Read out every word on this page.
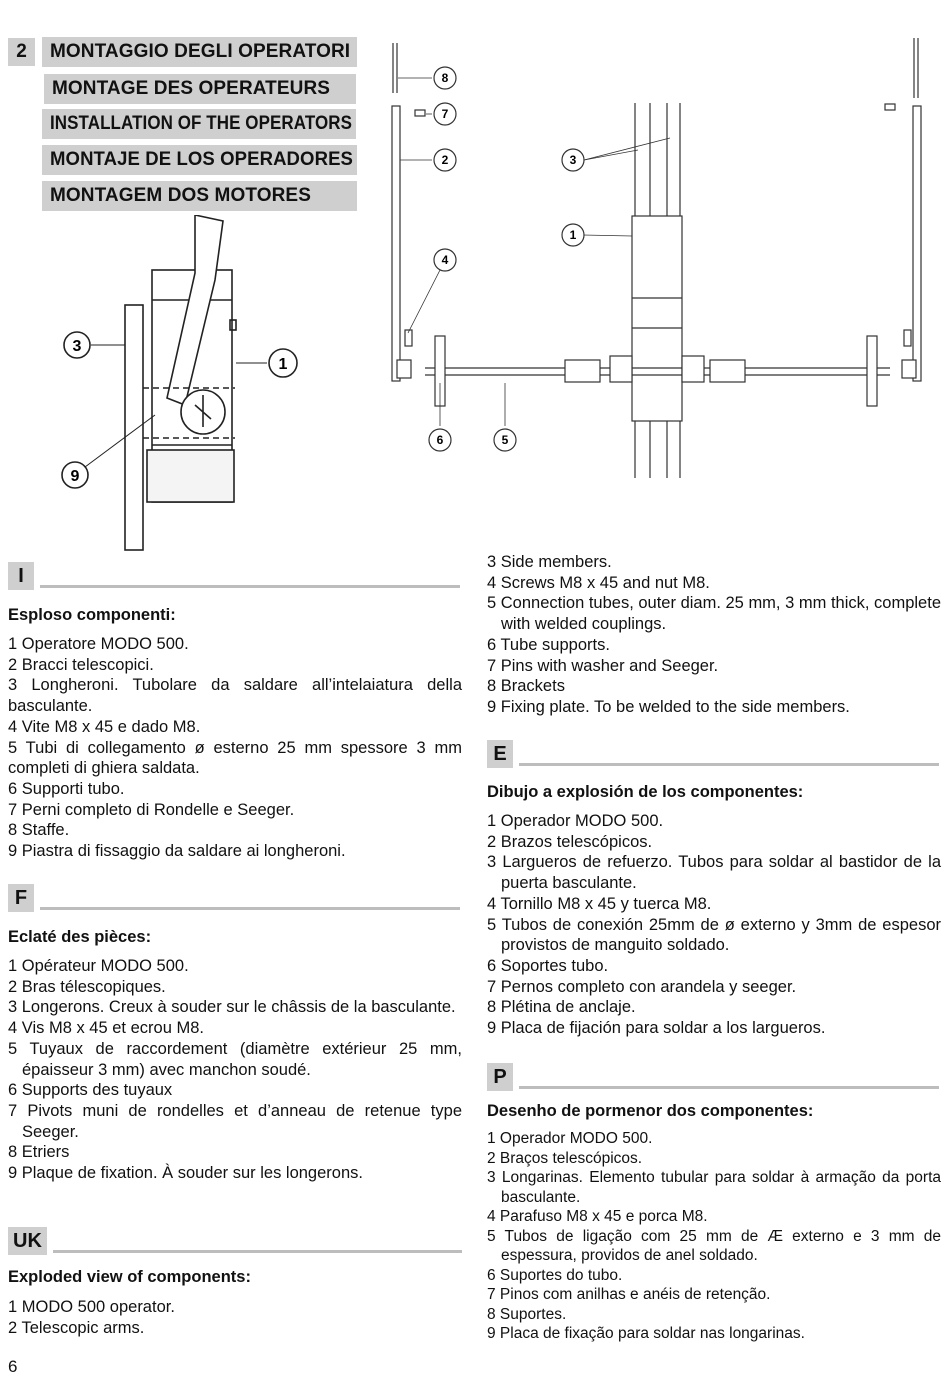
2	MONTAGGIO DEGLI OPERATORI
MONTAGE DES OPERATEURS
INSTALLATION OF THE OPERATORS
MONTAJE DE LOS OPERADORES
MONTAGEM DOS MOTORES
3
1
9
8
7
2
4
3
1
6	5
I
Esploso componenti:
1 Operatore MODO 500.
2 Bracci telescopici.
3 Longheroni. Tubolare da saldare all’intelaiatura della basculante.
4 Vite M8 x 45 e dado M8.
5 Tubi di collegamento ø esterno 25 mm spessore 3 mm completi di ghiera saldata.
6 Supporti tubo.
7 Perni completo di Rondelle e Seeger.
8 Staffe.
9 Piastra di fissaggio da saldare ai longheroni.
F
Eclaté des pièces:
1 Opérateur MODO 500.
2 Bras télescopiques.
3 Longerons. Creux à souder sur le châssis de la basculante.
4 Vis M8 x 45 et ecrou M8.
5 Tuyaux de raccordement (diamètre extérieur 25 mm, épaisseur 3 mm) avec manchon soudé.
6 Supports des tuyaux
7 Pivots muni de rondelles et d’anneau de retenue type Seeger.
8 Etriers
9 Plaque de fixation. À souder sur les longerons.
UK
Exploded view of components:
1 MODO 500 operator.
2 Telescopic arms.
3 Side members.
4 Screws M8 x 45 and nut M8.
5 Connection tubes, outer diam. 25 mm, 3 mm thick, complete with welded couplings.
6 Tube supports.
7 Pins with washer and Seeger.
8 Brackets
9 Fixing plate. To be welded to the side members.
E
Dibujo a explosión de los componentes:
1 Operador MODO 500.
2 Brazos telescópicos.
3 Largueros de refuerzo. Tubos para soldar al bastidor de la puerta basculante.
4 Tornillo M8 x 45 y tuerca M8.
5 Tubos de conexión 25mm de ø externo y 3mm de espesor provistos de manguito soldado.
6 Soportes tubo.
7 Pernos completo con arandela y seeger.
8 Plétina de anclaje.
9 Placa de fijación para soldar a los largueros.
P
Desenho de pormenor dos componentes:
1 Operador MODO 500.
2 Braços telescópicos.
3 Longarinas. Elemento tubular para soldar à armação da porta basculante.
4 Parafuso M8 x 45 e porca M8.
5 Tubos de ligação com 25 mm de Æ externo e 3 mm de espessura, providos de anel soldado.
6 Suportes do tubo.
7 Pinos com anilhas e anéis de retenção.
8 Suportes.
9 Placa de fixação para soldar nas longarinas.
6
